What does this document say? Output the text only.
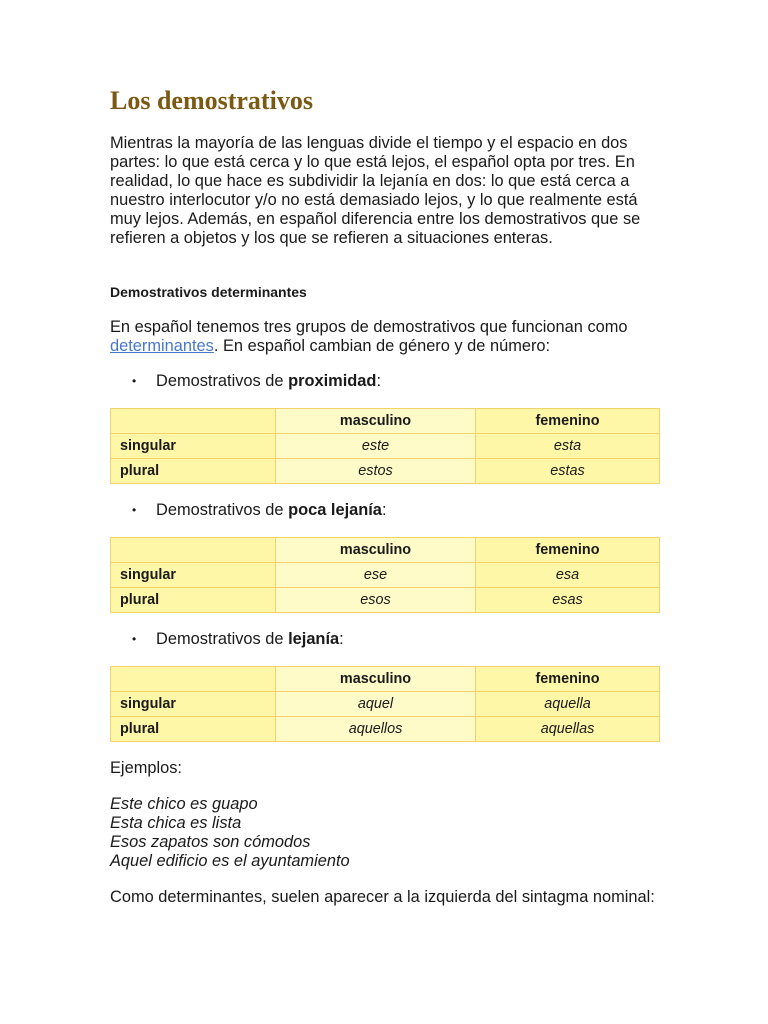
Los demostrativos

Mientras la mayoría de las lenguas divide el tiempo y el espacio en dos partes: lo que está cerca y lo que está lejos, el español opta por tres. En realidad, lo que hace es subdividir la lejanía en dos: lo que está cerca a nuestro interlocutor y/o no está demasiado lejos, y lo que realmente está muy lejos. Además, en español diferencia entre los demostrativos que se refieren a objetos y los que se refieren a situaciones enteras.

Demostrativos determinantes

En español tenemos tres grupos de demostrativos que funcionan como determinantes. En español cambian de género y de número:

• Demostrativos de proximidad:
	masculino	femenino
singular	este	esta
plural	estos	estas
• Demostrativos de poca lejanía:
	masculino	femenino
singular	ese	esa
plural	esos	esas
• Demostrativos de lejanía:
	masculino	femenino
singular	aquel	aquella
plural	aquellos	aquellas

Ejemplos:

Este chico es guapo
Esta chica es lista
Esos zapatos son cómodos
Aquel edificio es el ayuntamiento

Como determinantes, suelen aparecer a la izquierda del sintagma nominal:
